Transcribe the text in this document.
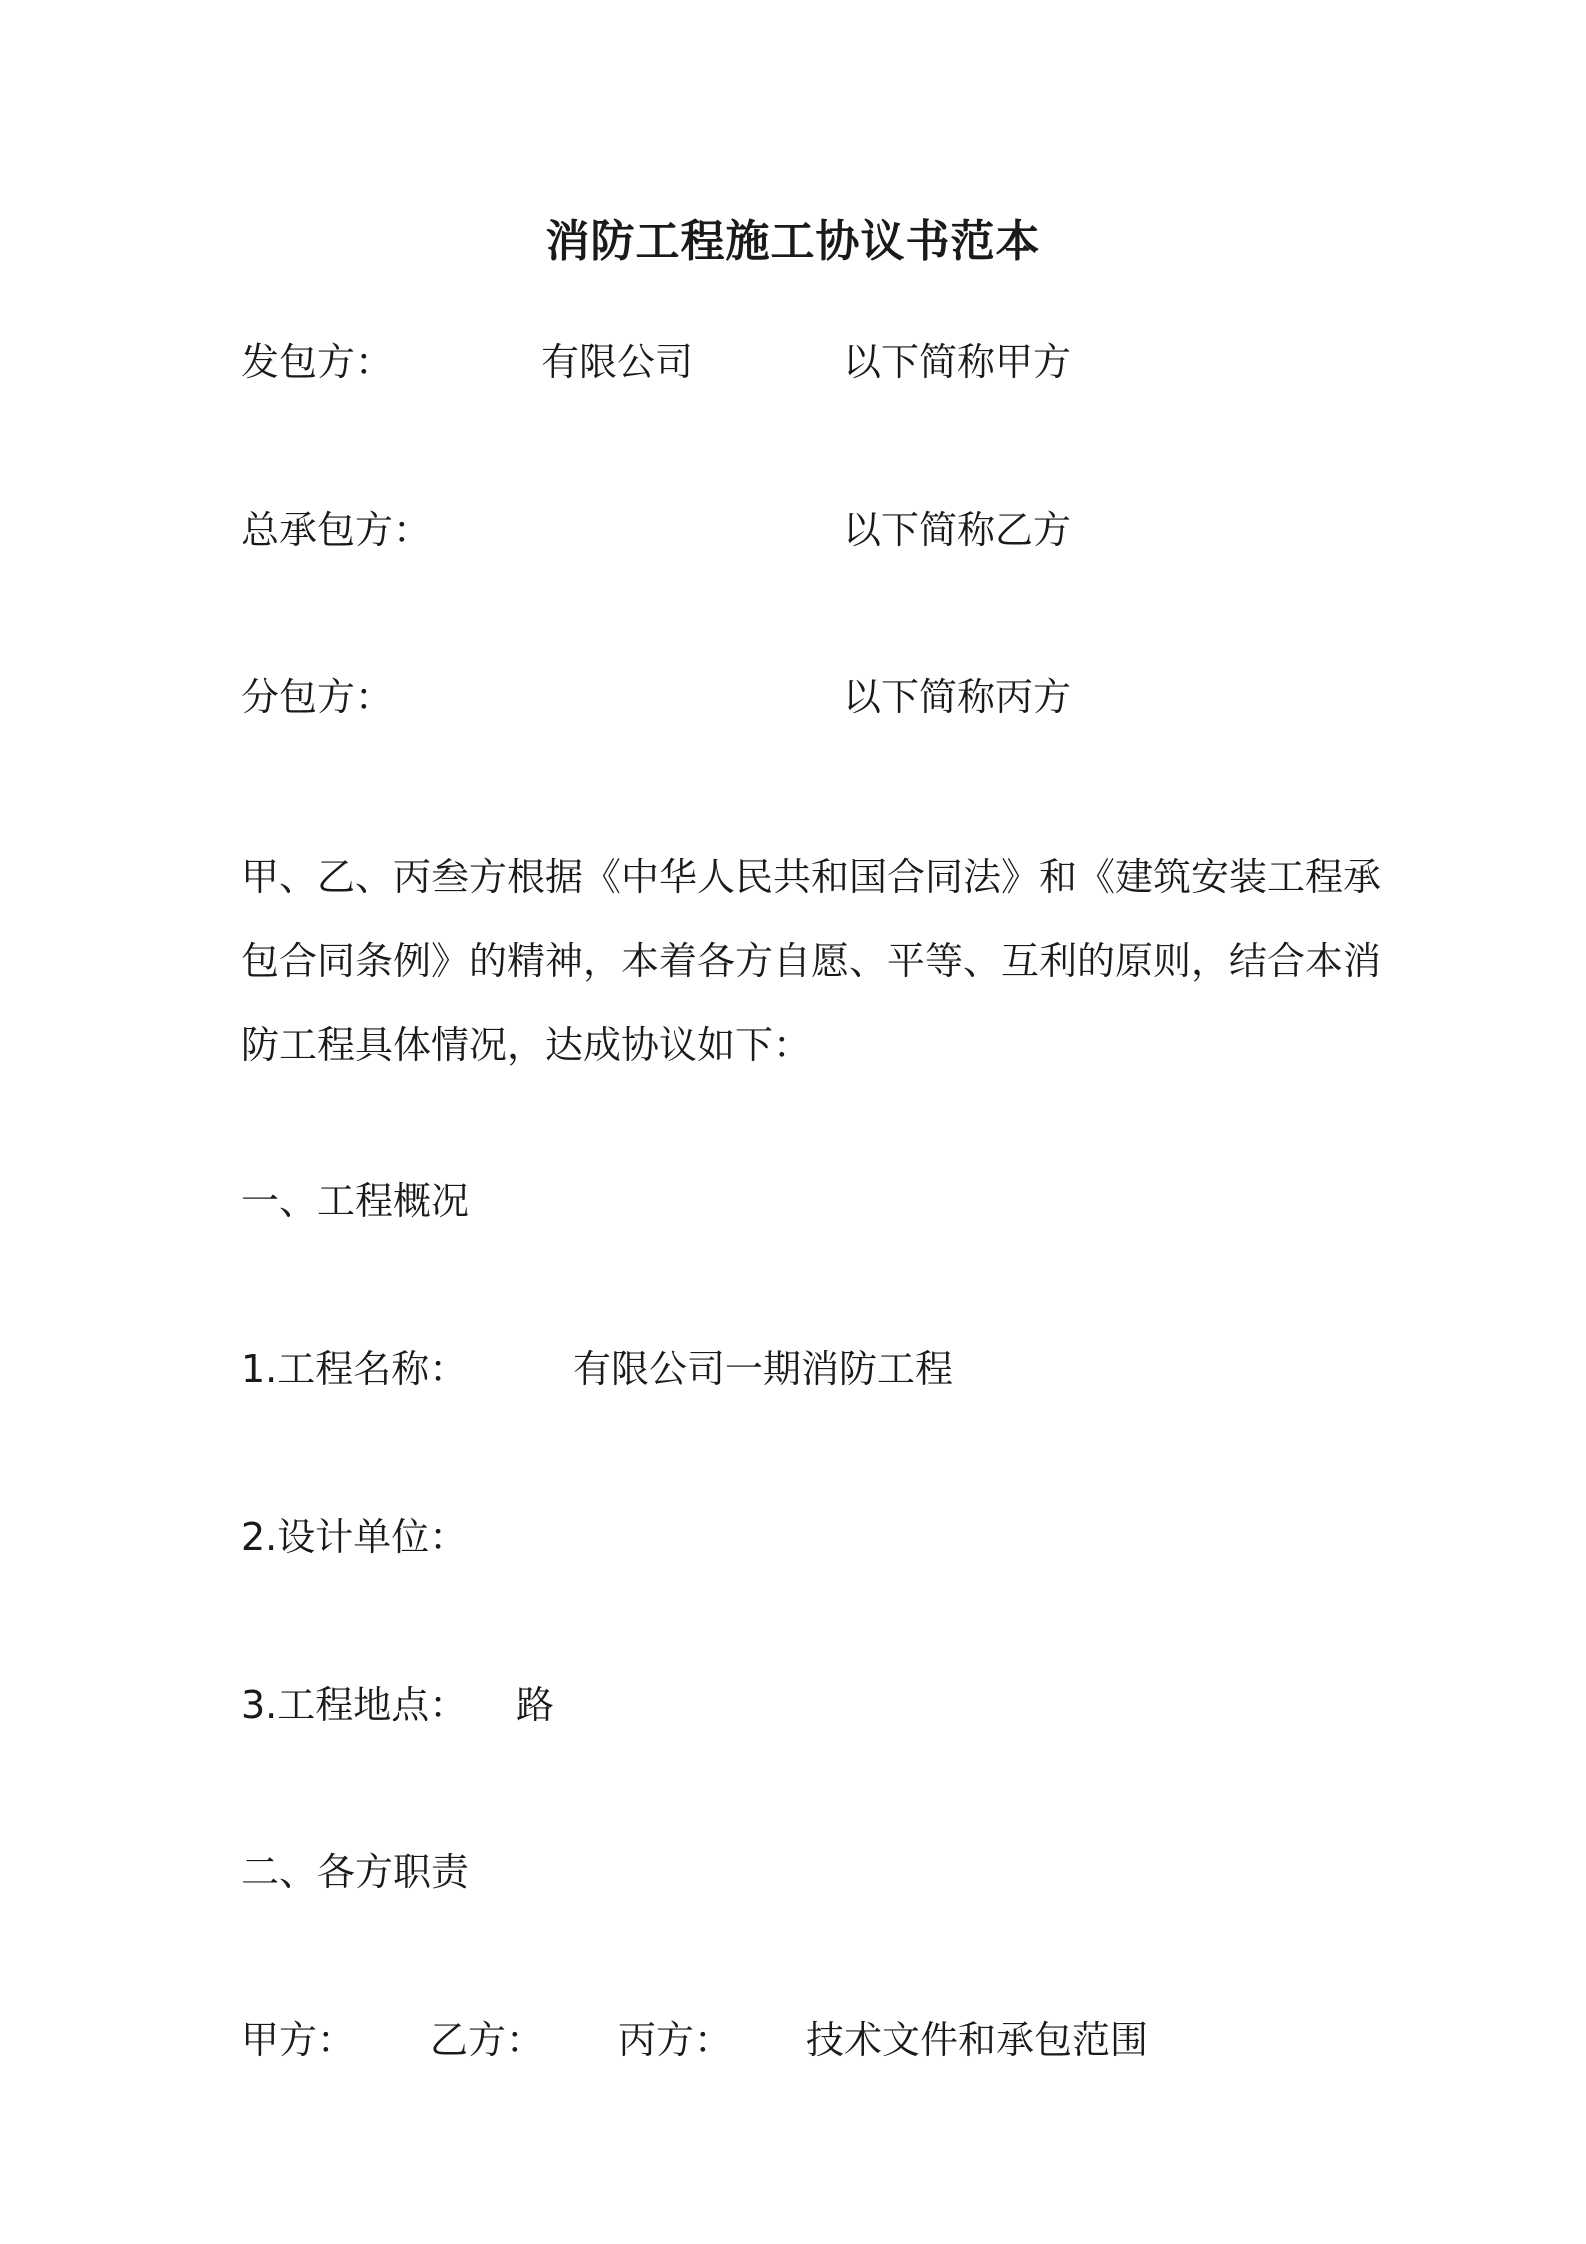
消防工程施工协议书范本
发包方：	有限公司	以下简称甲方
总承包方：	以下简称乙方
分包方：	以下简称丙方
甲、乙、丙叁方根据《中华人民共和国合同法》和《建筑安装工程承
包合同条例》的精神，本着各方自愿、平等、互利的原则，结合本消
防工程具体情况，达成协议如下：
一、工程概况
1.工程名称：	有限公司一期消防工程
2.设计单位：
3.工程地点： 路
二、各方职责
甲方： 乙方： 丙方： 技术文件和承包范围
